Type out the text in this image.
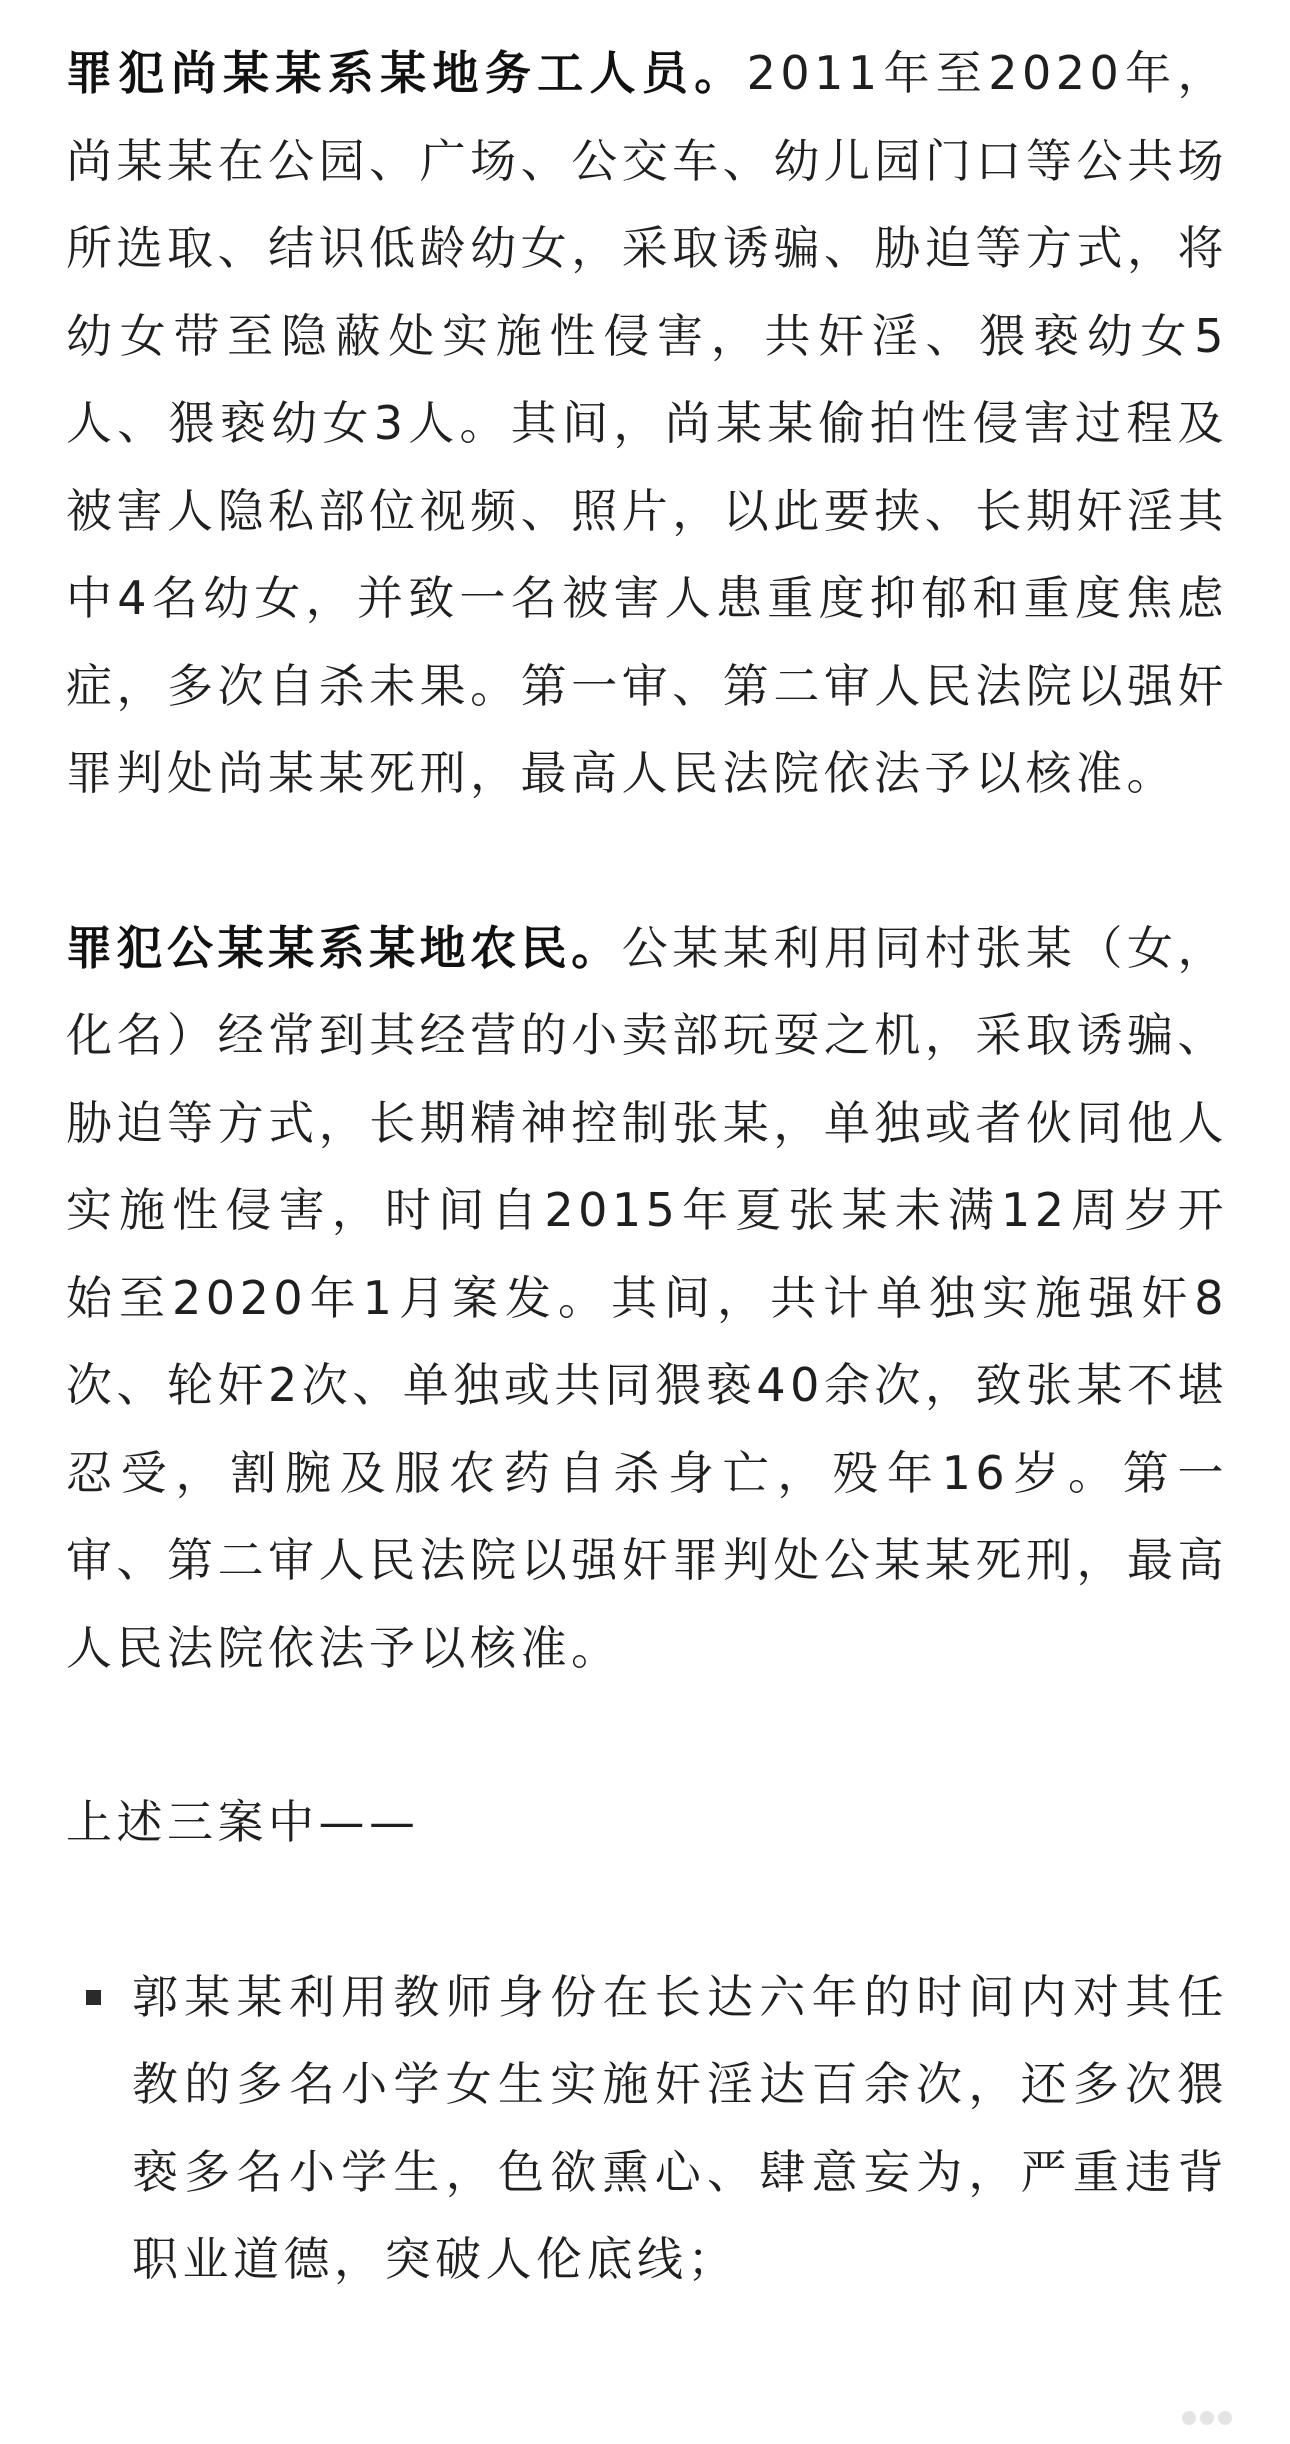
罪犯尚某某系某地务工人员。2011年至2020年，尚某某在公园、广场、公交车、幼儿园门口等公共场所选取、结识低龄幼女，采取诱骗、胁迫等方式，将幼女带至隐蔽处实施性侵害，共奸淫、猥亵幼女5人、猥亵幼女3人。其间，尚某某偷拍性侵害过程及被害人隐私部位视频、照片，以此要挟、长期奸淫其中4名幼女，并致一名被害人患重度抑郁和重度焦虑症，多次自杀未果。第一审、第二审人民法院以强奸罪判处尚某某死刑，最高人民法院依法予以核准。

罪犯公某某系某地农民。公某某利用同村张某（女，化名）经常到其经营的小卖部玩耍之机，采取诱骗、胁迫等方式，长期精神控制张某，单独或者伙同他人实施性侵害，时间自2015年夏张某未满12周岁开始至2020年1月案发。其间，共计单独实施强奸8次、轮奸2次、单独或共同猥亵40余次，致张某不堪忍受，割腕及服农药自杀身亡，殁年16岁。第一审、第二审人民法院以强奸罪判处公某某死刑，最高人民法院依法予以核准。

上述三案中——

郭某某利用教师身份在长达六年的时间内对其任教的多名小学女生实施奸淫达百余次，还多次猥亵多名小学生，色欲熏心、肆意妄为，严重违背职业道德，突破人伦底线；
